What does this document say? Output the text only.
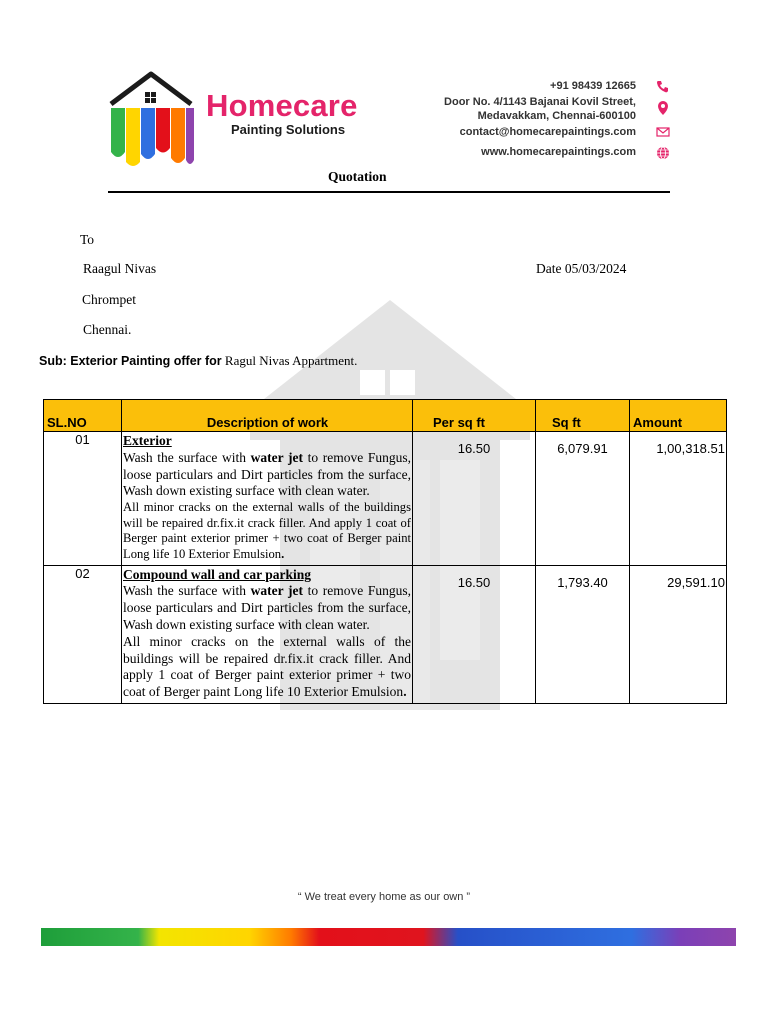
Homecare
Painting Solutions
+91 98439 12665
Door No. 4/1143 Bajanai Kovil Street,
Medavakkam, Chennai-600100
contact@homecarepaintings.com
www.homecarepaintings.com
Quotation
To
Raagul Nivas	Date 05/03/2024
Chrompet
Chennai.
Sub: Exterior Painting offer for Ragul Nivas Appartment.
SL.NO	Description of work	Per sq ft	Sq ft	Amount
01	Exterior
Wash the surface with water jet to remove Fungus, loose particulars and Dirt particles from the surface, Wash down existing surface with clean water.
All minor cracks on the external walls of the buildings will be repaired dr.fix.it crack filler. And apply 1 coat of Berger paint exterior primer + two coat of Berger paint Long life 10 Exterior Emulsion.	16.50	6,079.91	1,00,318.51
02	Compound wall and car parking
Wash the surface with water jet to remove Fungus, loose particulars and Dirt particles from the surface, Wash down existing surface with clean water.
All minor cracks on the external walls of the buildings will be repaired dr.fix.it crack filler. And apply 1 coat of Berger paint exterior primer + two coat of Berger paint Long life 10 Exterior Emulsion.	16.50	1,793.40	29,591.10
“ We treat every home as our own ”
